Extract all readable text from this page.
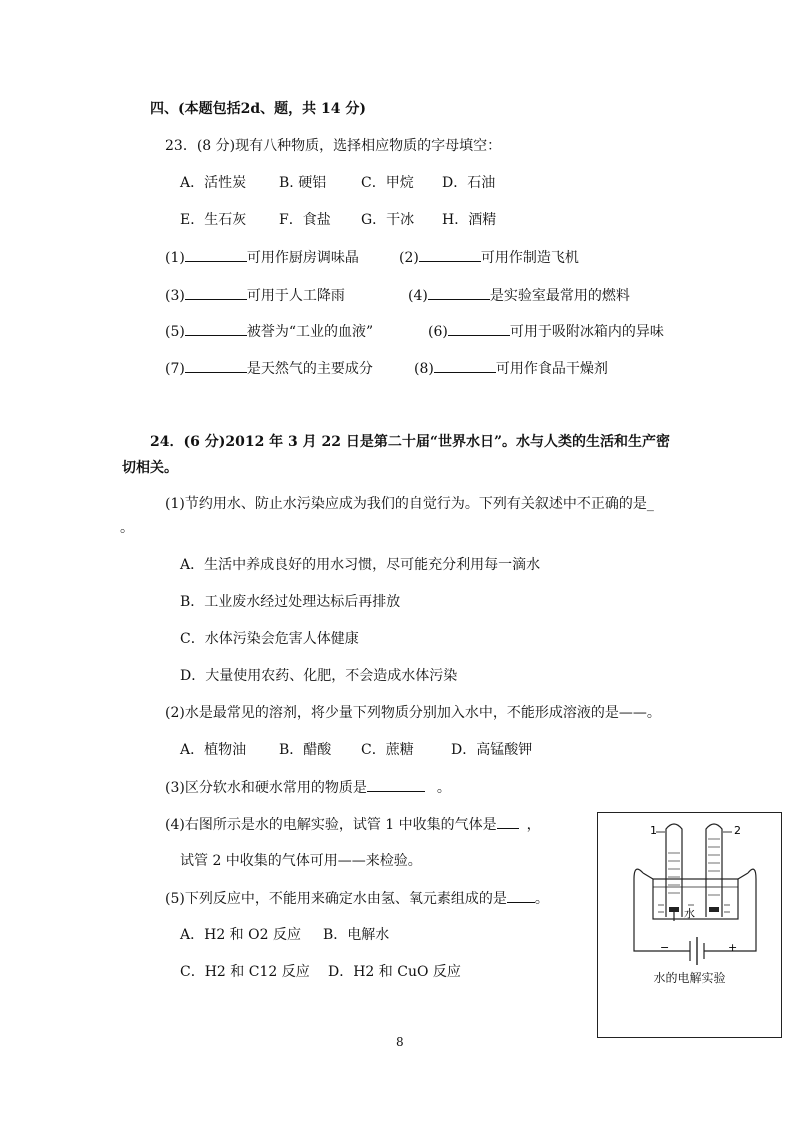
四、(本题包括2d、题，共 14 分)
23．(8 分)现有八种物质，选择相应物质的字母填空：
A．活性炭 B. 硬铝 C．甲烷 D．石油
E．生石灰 F．食盐 G．干冰 H．酒精
(1)	可用作厨房调味晶	(2)	可用作制造飞机
(3)	可用于人工降雨	(4)	是实验室最常用的燃料
(5)	被誉为“工业的血液”	(6)	可用于吸附冰箱内的异味
(7)	是天然气的主要成分	(8)	可用作食品干燥剂
24．(6 分)2012 年 3 月 22 日是第二十届“世界水日”。水与人类的生活和生产密
切相关。
(1)节约用水、防止水污染应成为我们的自觉行为。下列有关叙述中不正确的是_
。
A．生活中养成良好的用水习惯，尽可能充分利用每一滴水
B．工业废水经过处理达标后再排放
C．水体污染会危害人体健康
D．大量使用农药、化肥，不会造成水体污染
(2)水是最常见的溶剂，将少量下列物质分别加入水中，不能形成溶液的是——。
A．植物油 B．醋酸 C．蔗糖	D．高锰酸钾
(3)区分软水和硬水常用的物质是	。
(4)右图所示是水的电解实验，试管 1 中收集的气体是 ，
试管 2 中收集的气体可用——来检验。
(5)下列反应中，不能用来确定水由氢、氧元素组成的是 。
A．H2 和 O2 反应 B．电解水
C．H2 和 C12 反应 D．H2 和 CuO 反应
1	2
水
−	+
水的电解实验
8
